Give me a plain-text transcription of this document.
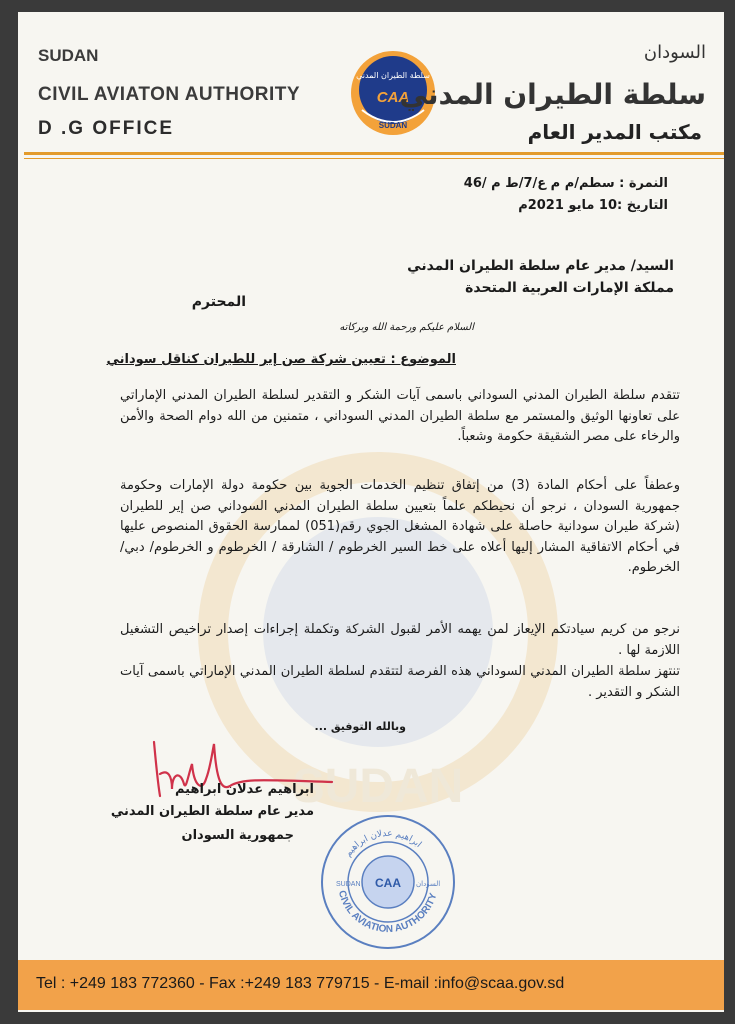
SUDAN
SUDAN
CIVIL AVIATON AUTHORITY
D .G OFFICE
سلطة الطيران المدني
CAA
SUDAN
السودان
سلطة الطيران المدني
مكتب المدير العام
النمرة : سطم/م م ع/7/ط م /46
التاريخ :10 مايو 2021م
السيد/ مدير عام سلطة الطيران المدني
مملكة الإمارات العربية المتحدة
المحترم
السلام عليكم ورحمة الله وبركاته
الموضوع : تعيين شركة صن إير للطيران كناقل سوداني
تتقدم سلطة الطيران المدني السوداني باسمى آيات الشكر و التقدير لسلطة الطيران المدني الإماراتي على تعاونها الوثيق والمستمر مع سلطة الطيران المدني السوداني ، متمنين من الله دوام الصحة والأمن والرخاء على مصر الشقيقة حكومة وشعباً.
وعطفاً على أحكام المادة (3) من إتفاق تنظيم الخدمات الجوية بين حكومة دولة الإمارات وحكومة جمهورية السودان ، نرجو أن نحيطكم علماً بتعيين سلطة الطيران المدني السوداني صن إير للطيران (شركة طيران سودانية حاصلة على شهادة المشغل الجوي رقم(051) لممارسة الحقوق المنصوص عليها في أحكام الاتفاقية المشار إليها أعلاه على خط السير الخرطوم / الشارقة / الخرطوم و الخرطوم/ دبي/الخرطوم.
نرجو من كريم سيادتكم الإيعاز لمن يهمه الأمر لقبول الشركة وتكملة إجراءات إصدار تراخيص التشغيل اللازمة لها .
تنتهز سلطة الطيران المدني السوداني هذه الفرصة لتتقدم لسلطة الطيران المدني الإماراتي باسمى آيات الشكر و التقدير .
وبالله التوفيق ...
ابراهيم عدلان ابراهيم
مدير عام سلطة الطيران المدني
جمهورية السودان
CIVIL AVIATION AUTHORITY
ابراهيم عدلان ابراهيم
SUDAN	السودان
CAA
Tel : +249 183 772360 - Fax :+249 183 779715 - E-mail :info@scaa.gov.sd
